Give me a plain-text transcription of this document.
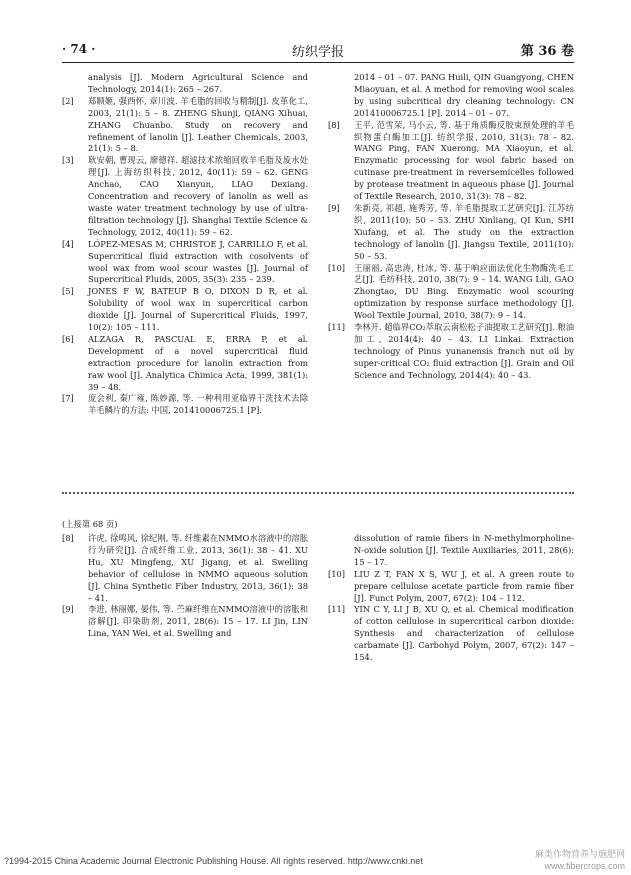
· 74 ·	纺织学报	第 36 卷
analysis [J]. Modern Agricultural Science and Technology, 2014(1): 265 – 267.
[2]	郑顺姬, 强西怀, 章川波. 羊毛脂的回收与精制[J]. 皮革化工, 2003, 21(1): 5 – 8. ZHENG Shunji, QIANG Xihuai, ZHANG Chuanbo. Study on recovery and refinement of lanolin [J]. Leather Chemicals, 2003, 21(1): 5 – 8.
[3]	耿安朝, 曹现云, 廖德祥. 超滤技术浓缩回收羊毛脂及废水处理[J]. 上海纺织科技, 2012, 40(11): 59 – 62. GENG Anchao, CAO Xianyun, LIAO Dexiang. Concentration and recovery of lanolin as well as waste water treatment technology by use of ultra-filtration technology [J]. Shanghai Textile Science & Technology, 2012, 40(11): 59 – 62.
[4]	LÓPEZ-MESAS M, CHRISTOE J, CARRILLO F, et al. Supercritical fluid extraction with cosolvents of wool wax from wool scour wastes [J]. Journal of Supercritical Fluids, 2005, 35(3): 235 – 239.
[5]	JONES F W, BATEUP B O, DIXON D R, et al. Solubility of wool wax in supercritical carbon dioxide [J]. Journal of Supercritical Fluids, 1997, 10(2): 105 – 111.
[6]	ALZAGA R, PASCUAL E, ERRA P, et al. Development of a novel supercritical fluid extraction procedure for lanolin extraction from raw wool [J]. Analytica Chimica Acta, 1999, 381(1): 39 – 48.
[7]	庞会利, 秦广雍, 陈妙源, 等. 一种利用亚临界干洗技术去除羊毛鳞片的方法: 中国, 201410006725.1 [P].
2014 – 01 – 07. PANG Huili, QIN Guangyong, CHEN Miaoyuan, et al. A method for removing wool scales by using subcritical dry cleaning technology: CN 201410006725.1 [P]. 2014 – 01 – 07.
[8]	王平, 范雪荣, 马小云, 等. 基于角质酶反胶束预处理的羊毛织物蛋白酶加工[J]. 纺织学报, 2010, 31(3): 78 – 82. WANG Ping, FAN Xuerong, MA Xiaoyun, et al. Enzymatic processing for wool fabric based on cutinase pre-treatment in reversemicelles followed by protease treatment in aqueous phase [J]. Journal of Textile Research, 2010, 31(3): 78 – 82.
[9]	朱新亮, 祁超, 施秀芳, 等. 羊毛脂提取工艺研究[J]. 江苏纺织, 2011(10): 50 – 53. ZHU Xinliang, QI Kun, SHI Xiufang, et al. The study on the extraction technology of lanolin [J]. Jiangsu Textile, 2011(10): 50 – 53.
[10]	王丽丽, 高忠涛, 杜冰, 等. 基于响应面法优化生物酶洗毛工艺[J]. 毛纺科技, 2010, 38(7): 9 – 14. WANG Lili, GAO Zhongtao, DU Bing. Enzymatic wool scouring optimization by response surface methodology [J]. Wool Textile Journal, 2010, 38(7): 9 – 14.
[11]	李林开. 超临界CO₂萃取云南松松子油提取工艺研究[J]. 粮油加工, 2014(4): 40 – 43. LI Linkai. Extraction technology of Pinus yunanensis franch nut oil by super-critical CO₂ fluid extraction [J]. Grain and Oil Science and Technology, 2014(4): 40 – 43.
(上接第 68 页)
[8]	许虎, 徐鸣风, 徐纪刚, 等. 纤维素在NMMO水溶液中的溶胀行为研究[J]. 合成纤维工业, 2013, 36(1): 38 – 41. XU Hu, XU Mingfeng, XU Jigang, et al. Swelling behavior of cellulose in NMMO aqueous solution [J]. China Synthetic Fiber Industry, 2013, 36(1): 38 – 41.
[9]	李进, 林丽娜, 晏伟, 等. 苎麻纤维在NMMO溶液中的溶胀和溶解[J]. 印染助剂, 2011, 28(6): 15 – 17. LI Jin, LIN Lina, YAN Wei, et al. Swelling and
dissolution of ramie fibers in N-methylmorpholine-N-oxide solution [J]. Textile Auxiliaries, 2011, 28(6): 15 – 17.
[10]	LIU Z T, FAN X S, WU J, et al. A green route to prepare cellulose acetate particle from ramie fiber [J]. Funct Polym, 2007, 67(2): 104 – 112.
[11]	YIN C Y, LI J B, XU Q, et al. Chemical modification of cotton cellulose in supercritical carbon dioxide: Synthesis and characterization of cellulose carbamate [J]. Carbohyd Polym, 2007, 67(2): 147 – 154.
?1994-2015 China Academic Journal Electronic Publishing House. All rights reserved. http://www.cnki.net
麻类作物营养与施肥网
www.fibercrops.com
